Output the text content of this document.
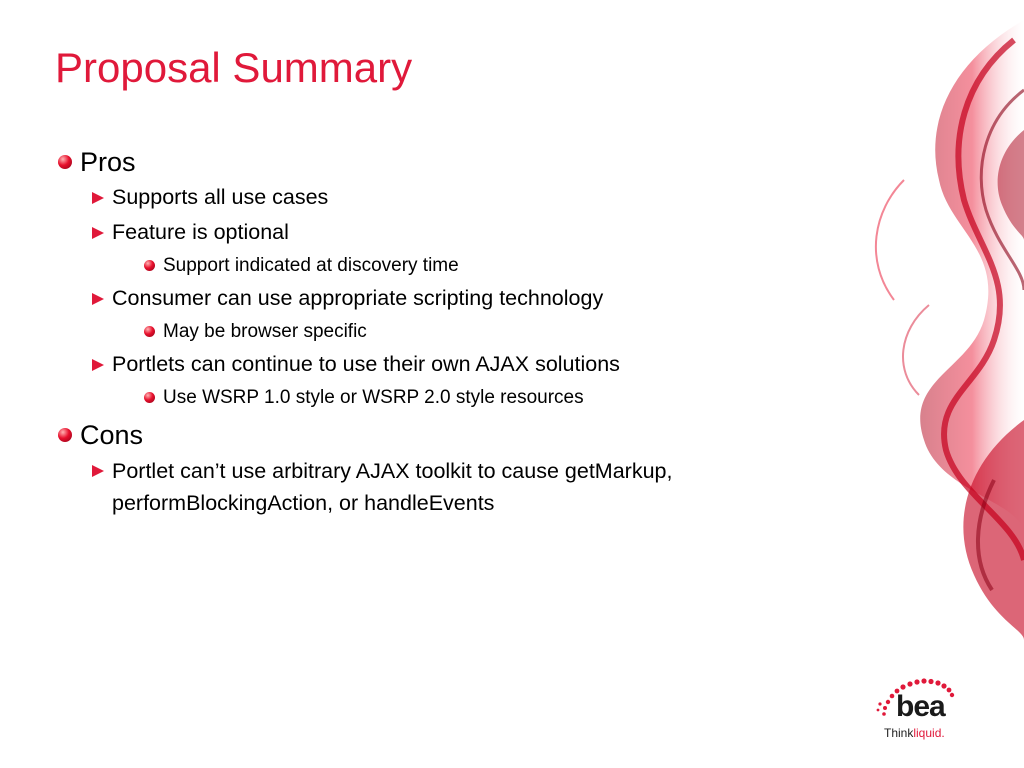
Proposal Summary
Pros
Supports all use cases
Feature is optional
Support indicated at discovery time
Consumer can use appropriate scripting technology
May be browser specific
Portlets can continue to use their own AJAX solutions
Use WSRP 1.0 style or WSRP 2.0 style resources
Cons
Portlet can’t use arbitrary AJAX toolkit to cause getMarkup, performBlockingAction, or handleEvents
bea
Thinkliquid.
